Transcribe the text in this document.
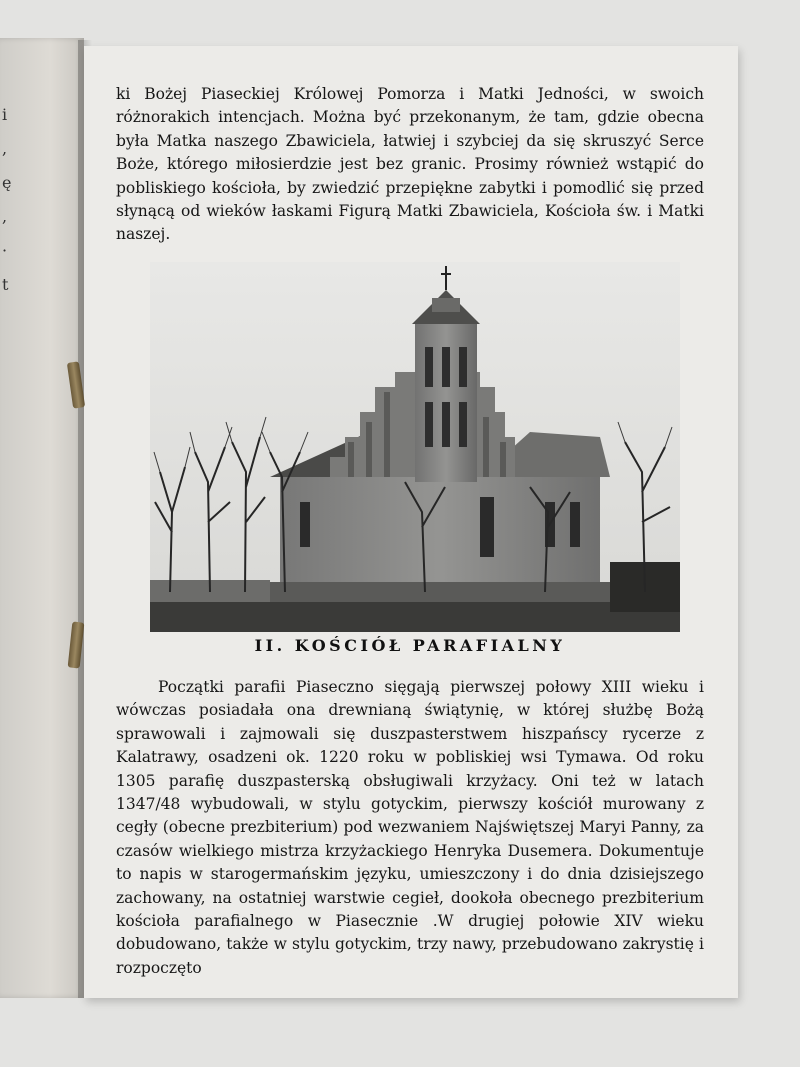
i
,
ę
,
·
t

ki Bożej Piaseckiej Królowej Pomorza i Matki Jedności, w swoich różnorakich intencjach. Można być przekonanym, że tam, gdzie obecna była Matka naszego Zbawiciela, łatwiej i szybciej da się skruszyć Serce Boże, którego miłosierdzie jest bez granic. Prosimy również wstąpić do pobliskiego kościoła, by zwiedzić przepiękne zabytki i pomodlić się przed słynącą od wieków łaskami Figurą Matki Zbawiciela, Kościoła św. i Matki naszej.

II. KOŚCIÓŁ PARAFIALNY

Początki parafii Piaseczno sięgają pierwszej połowy XIII wieku i wówczas posiadała ona drewnianą świątynię, w której służbę Bożą sprawowali i zajmowali się duszpasterstwem hiszpańscy rycerze z Kalatrawy, osadzeni ok. 1220 roku w pobliskiej wsi Tymawa. Od roku 1305 parafię duszpasterską obsługiwali krzyżacy. Oni też w latach 1347/48 wybudowali, w stylu gotyckim, pierwszy kościół murowany z cegły (obecne prezbiterium) pod wezwaniem Najświętszej Maryi Panny, za czasów wielkiego mistrza krzyżackiego Henryka Dusemera. Dokumentuje to napis w starogermańskim języku, umieszczony i do dnia dzisiejszego zachowany, na ostatniej warstwie cegieł, dookoła obecnego prezbiterium kościoła parafialnego w Piasecznie .W drugiej połowie XIV wieku dobudowano, także w stylu gotyckim, trzy nawy, przebudowano zakrystię i rozpoczęto
